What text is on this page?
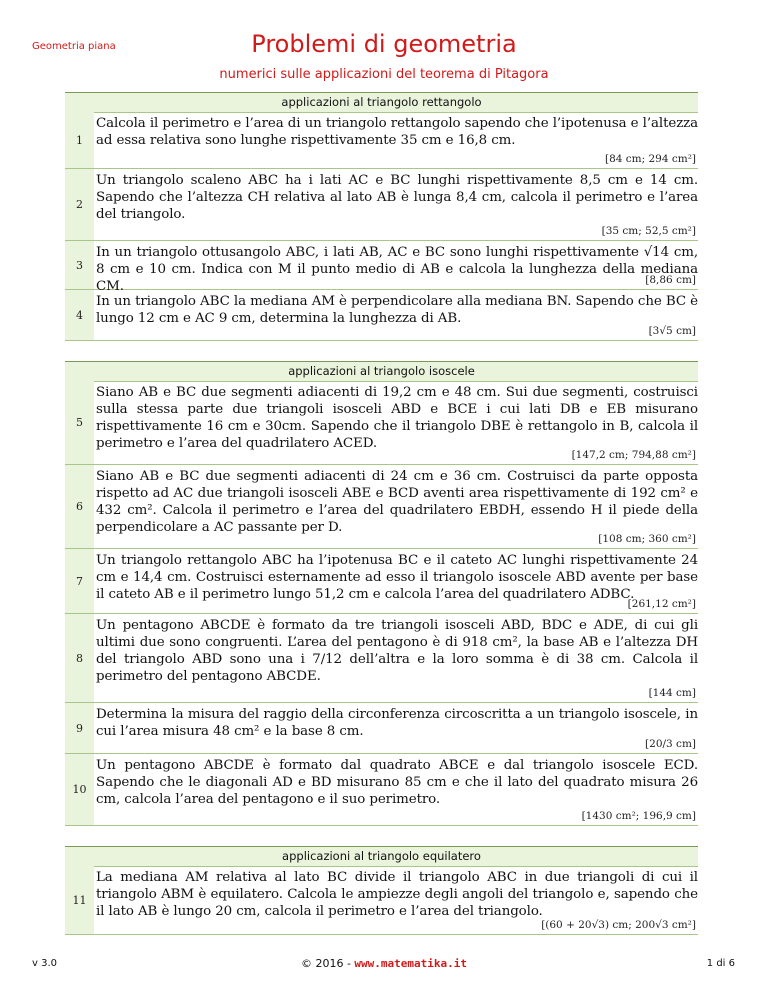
Geometria piana	Problemi di geometria
numerici sulle applicazioni del teorema di Pitagora
applicazioni al triangolo rettangolo
1
Calcola il perimetro e l’area di un triangolo rettangolo sapendo che l’ipotenusa e l’altezza ad essa relativa sono lunghe rispettivamente 35 cm e 16,8 cm.
[84 cm; 294 cm²]
2
Un triangolo scaleno ABC ha i lati AC e BC lunghi rispettivamente 8,5 cm e 14 cm. Sapendo che l’altezza CH relativa al lato AB è lunga 8,4 cm, calcola il perimetro e l’area del triangolo.
[35 cm; 52,5 cm²]
3
In un triangolo ottusangolo ABC, i lati AB, AC e BC sono lunghi rispettivamente √14 cm, 8 cm e 10 cm. Indica con M il punto medio di AB e calcola la lunghezza della mediana CM.	[8,86 cm]
4
In un triangolo ABC la mediana AM è perpendicolare alla mediana BN. Sapendo che BC è lungo 12 cm e AC 9 cm, determina la lunghezza di AB.
[3√5 cm]
applicazioni al triangolo isoscele
5
Siano AB e BC due segmenti adiacenti di 19,2 cm e 48 cm. Sui due segmenti, costruisci sulla stessa parte due triangoli isosceli ABD e BCE i cui lati DB e EB misurano rispettivamente 16 cm e 30cm. Sapendo che il triangolo DBE è rettangolo in B, calcola il perimetro e l’area del quadrilatero ACED.
[147,2 cm; 794,88 cm²]
6
Siano AB e BC due segmenti adiacenti di 24 cm e 36 cm. Costruisci da parte opposta rispetto ad AC due triangoli isosceli ABE e BCD aventi area rispettivamente di 192 cm² e 432 cm². Calcola il perimetro e l’area del quadrilatero EBDH, essendo H il piede della perpendicolare a AC passante per D.
[108 cm; 360 cm²]
7
Un triangolo rettangolo ABC ha l’ipotenusa BC e il cateto AC lunghi rispettivamente 24 cm e 14,4 cm. Costruisci esternamente ad esso il triangolo isoscele ABD avente per base il cateto AB e il perimetro lungo 51,2 cm e calcola l’area del quadrilatero ADBC.
[261,12 cm²]
8
Un pentagono ABCDE è formato da tre triangoli isosceli ABD, BDC e ADE, di cui gli ultimi due sono congruenti. L’area del pentagono è di 918 cm², la base AB e l’altezza DH del triangolo ABD sono una i 7/12 dell’altra e la loro somma è di 38 cm. Calcola il perimetro del pentagono ABCDE.
[144 cm]
9
Determina la misura del raggio della circonferenza circoscritta a un triangolo isoscele, in cui l’area misura 48 cm² e la base 8 cm.
[20/3 cm]
10
Un pentagono ABCDE è formato dal quadrato ABCE e dal triangolo isoscele ECD. Sapendo che le diagonali AD e BD misurano 85 cm e che il lato del quadrato misura 26 cm, calcola l’area del pentagono e il suo perimetro.
[1430 cm²; 196,9 cm]
applicazioni al triangolo equilatero
11
La mediana AM relativa al lato BC divide il triangolo ABC in due triangoli di cui il triangolo ABM è equilatero. Calcola le ampiezze degli angoli del triangolo e, sapendo che il lato AB è lungo 20 cm, calcola il perimetro e l’area del triangolo.
[(60 + 20√3) cm; 200√3 cm²]
v 3.0	© 2016 - www.matematika.it	1 di 6
